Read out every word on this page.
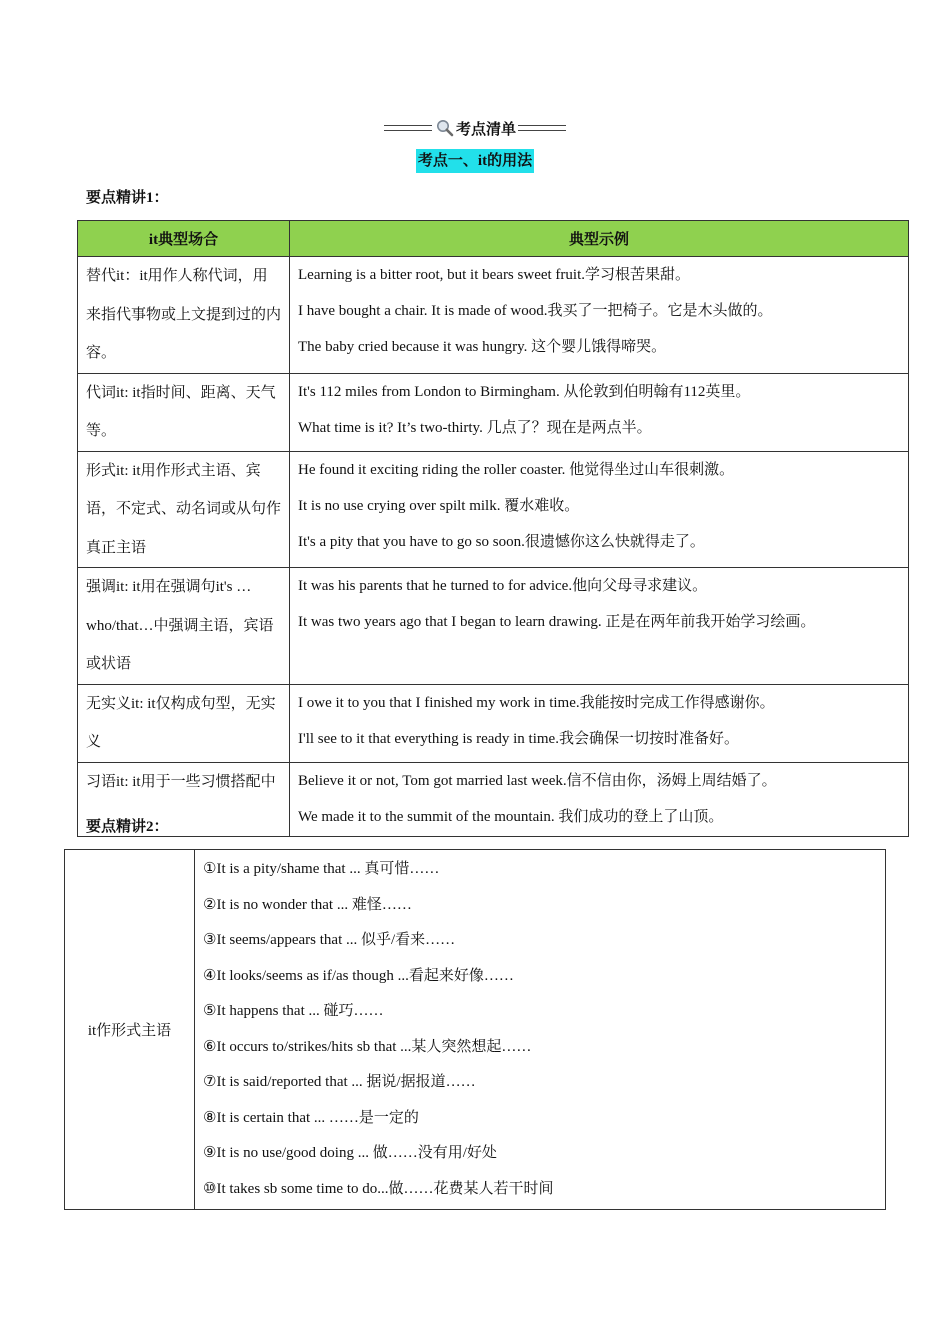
考点清单
考点一、it的用法
要点精讲1：
it典型场合	典型示例
替代it：it用作人称代词，用来指代事物或上文提到过的内容。	Learning is a bitter root, but it bears sweet fruit.学习根苦果甜。
I have bought a chair. It is made of wood.我买了一把椅子。它是木头做的。
The baby cried because it was hungry. 这个婴儿饿得啼哭。

代词it: it指时间、距离、天气等。	It's 112 miles from London to Birmingham. 从伦敦到伯明翰有112英里。
What time is it? It’s two-thirty. 几点了？现在是两点半。

形式it: it用作形式主语、宾语，不定式、动名词或从句作真正主语	He found it exciting riding the roller coaster. 他觉得坐过山车很刺激。
It is no use crying over spilt milk. 覆水难收。
It's a pity that you have to go so soon.很遗憾你这么快就得走了。

强调it: it用在强调句it's …who/that…中强调主语，宾语或状语	It was his parents that he turned to for advice.他向父母寻求建议。
It was two years ago that I began to learn drawing. 正是在两年前我开始学习绘画。

无实义it: it仅构成句型，无实义	I owe it to you that I finished my work in time.我能按时完成工作得感谢你。
I'll see to it that everything is ready in time.我会确保一切按时准备好。

习语it: it用于一些习惯搭配中	Believe it or not, Tom got married last week.信不信由你，汤姆上周结婚了。
We made it to the summit of the mountain. 我们成功的登上了山顶。
要点精讲2：
it作形式主语	
①It is a pity/shame that ... 真可惜……
②It is no wonder that ... 难怪……
③It seems/appears that ... 似乎/看来……
④It looks/seems as if/as though ...看起来好像……
⑤It happens that ... 碰巧……
⑥It occurs to/strikes/hits sb that ...某人突然想起……
⑦It is said/reported that ... 据说/据报道……
⑧It is certain that ... ……是一定的
⑨It is no use/good doing ... 做……没有用/好处
⑩It takes sb some time to do...做……花费某人若干时间
